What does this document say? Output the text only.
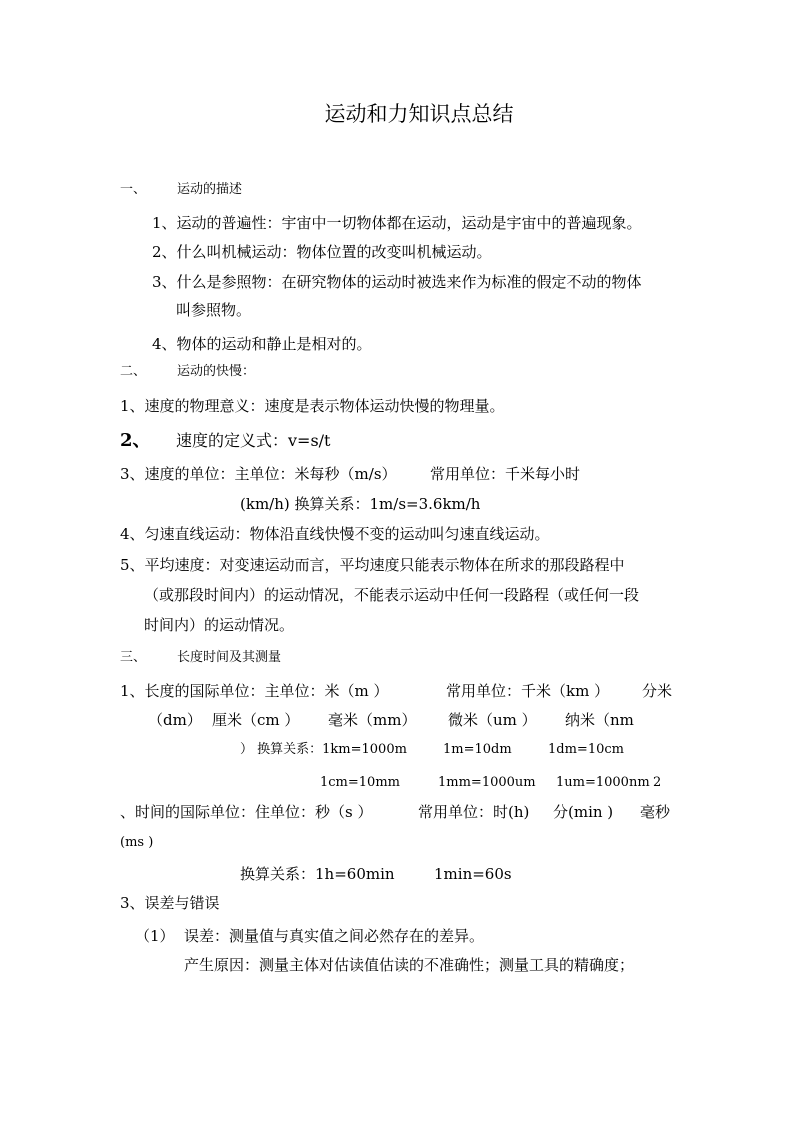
运动和力知识点总结
一、 运动的描述
1、运动的普遍性：宇宙中一切物体都在运动，运动是宇宙中的普遍现象。
2、什么叫机械运动：物体位置的改变叫机械运动。
3、什么是参照物：在研究物体的运动时被选来作为标准的假定不动的物体
叫参照物。
4、物体的运动和静止是相对的。
二、 运动的快慢：
1、速度的物理意义：速度是表示物体运动快慢的物理量。
2、 速度的定义式：v=s/t
3、速度的单位：主单位：米每秒（m/s） 常用单位：千米每小时
(km/h) 换算关系：1m/s=3.6km/h
4、匀速直线运动：物体沿直线快慢不变的运动叫匀速直线运动。
5、平均速度：对变速运动而言，平均速度只能表示物体在所求的那段路程中
（或那段时间内）的运动情况，不能表示运动中任何一段路程（或任何一段
时间内）的运动情况。
三、 长度时间及其测量
1、长度的国际单位：主单位：米（m ）	常用单位：千米（km ） 分米
（dm） 厘米（cm ） 毫米（mm） 微米（um ） 纳米（nm
） 换算关系：1km=1000m	1m=10dm	1dm=10cm
1cm=10mm	1mm=1000um 1um=1000nm 2
、时间的国际单位：住单位：秒（s ）	常用单位：时(h) 分(min ) 毫秒
(ms )
换算关系：1h=60min	1min=60s
3、误差与错误
（1） 误差：测量值与真实值之间必然存在的差异。
产生原因：测量主体对估读值估读的不准确性；测量工具的精确度；
